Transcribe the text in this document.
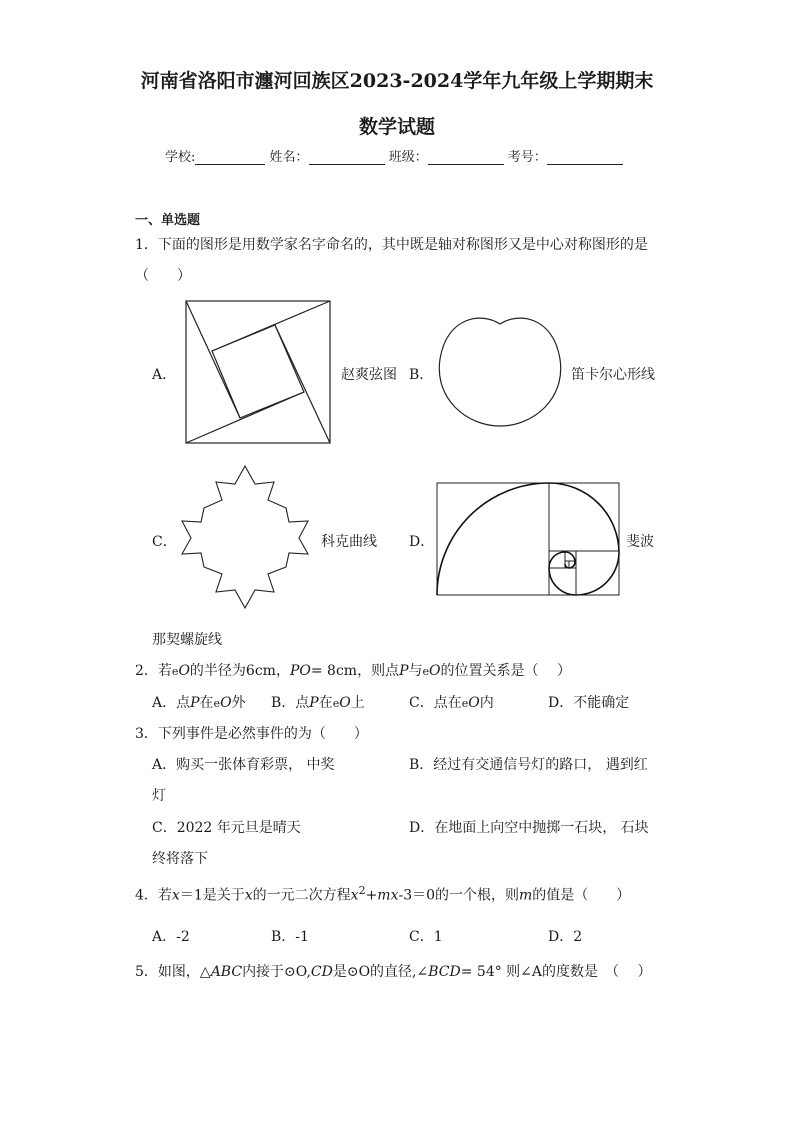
河南省洛阳市瀍河回族区2023-2024学年九年级上学期期末
数学试题
学校:	姓名：	班级：	考号：
一、单选题
1．下面的图形是用数学家名字命名的，其中既是轴对称图形又是中心对称图形的是
（　　）
A．	赵爽弦图 B．	笛卡尔心形线
C．	科克曲线 D．	斐波
那契螺旋线
2．若eO的半径为6cm，PO= 8cm，则点P与eO的位置关系是（　 ）
A．点P在eO外 B．点P在eO上	C．点在eO内	D．不能确定
3．下列事件是必然事件的为（　　）
A．购买一张体育彩票， 中奖	B．经过有交通信号灯的路口， 遇到红
灯
C．2022 年元旦是晴天	D．在地面上向空中抛掷一石块， 石块
终将落下
4．若x＝1是关于x的一元二次方程$x^2+mx-3=0$的一个根，则m的值是（　　）
A．-2	B．-1	C．1	D．2
5．如图，△ABC内接于⊙O,CD是⊙O的直径,∠BCD= 54° 则∠A的度数是　（　 ）
